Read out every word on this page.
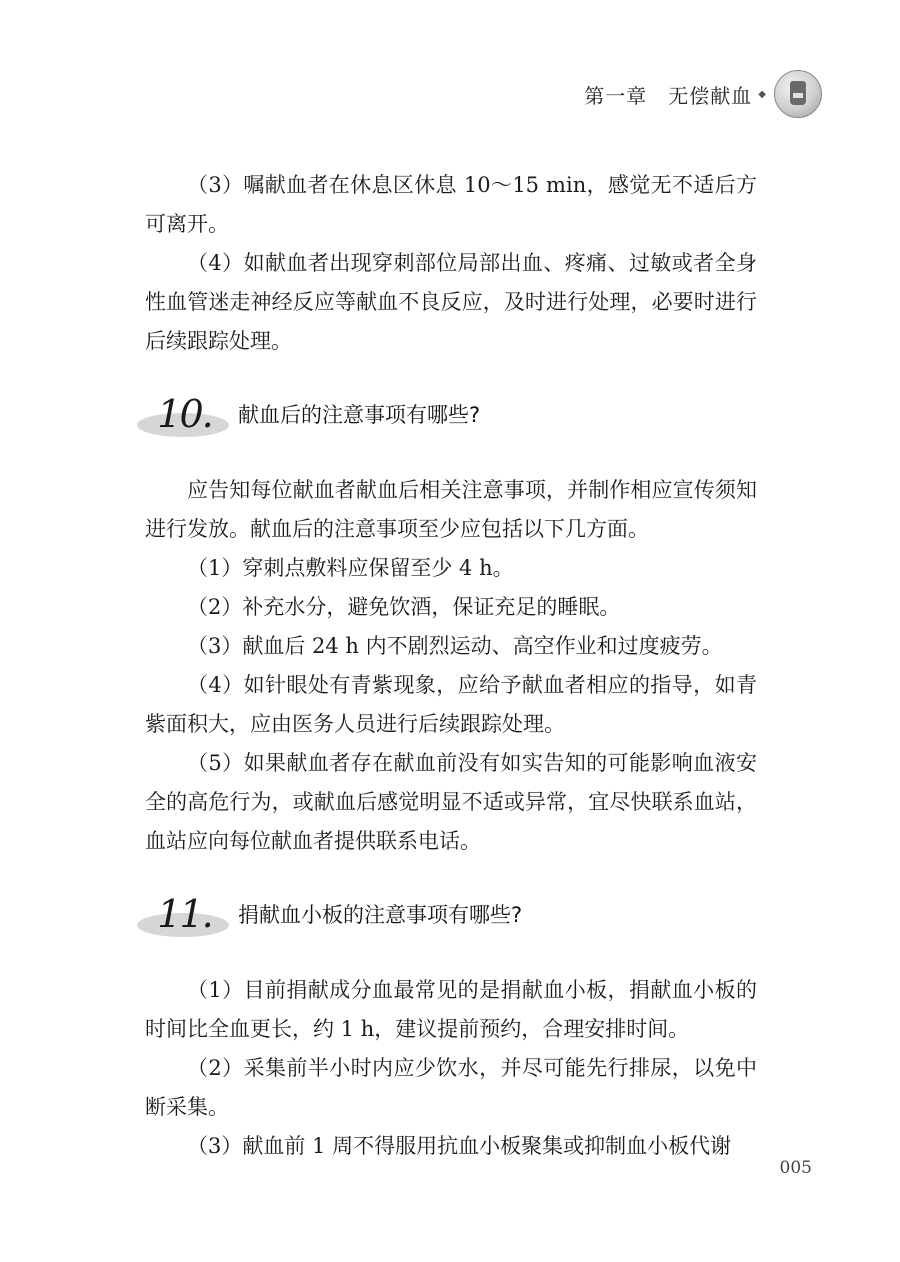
第一章　无偿献血 ◆

（3）嘱献血者在休息区休息 10～15 min，感觉无不适后方可离开。

（4）如献血者出现穿刺部位局部出血、疼痛、过敏或者全身性血管迷走神经反应等献血不良反应，及时进行处理，必要时进行后续跟踪处理。

10.	献血后的注意事项有哪些?

应告知每位献血者献血后相关注意事项，并制作相应宣传须知进行发放。献血后的注意事项至少应包括以下几方面。

（1）穿刺点敷料应保留至少 4 h。

（2）补充水分，避免饮酒，保证充足的睡眠。

（3）献血后 24 h 内不剧烈运动、高空作业和过度疲劳。

（4）如针眼处有青紫现象，应给予献血者相应的指导，如青紫面积大，应由医务人员进行后续跟踪处理。

（5）如果献血者存在献血前没有如实告知的可能影响血液安全的高危行为，或献血后感觉明显不适或异常，宜尽快联系血站，血站应向每位献血者提供联系电话。

11.	捐献血小板的注意事项有哪些?

（1）目前捐献成分血最常见的是捐献血小板，捐献血小板的时间比全血更长，约 1 h，建议提前预约，合理安排时间。

（2）采集前半小时内应少饮水，并尽可能先行排尿，以免中断采集。

（3）献血前 1 周不得服用抗血小板聚集或抑制血小板代谢

005
